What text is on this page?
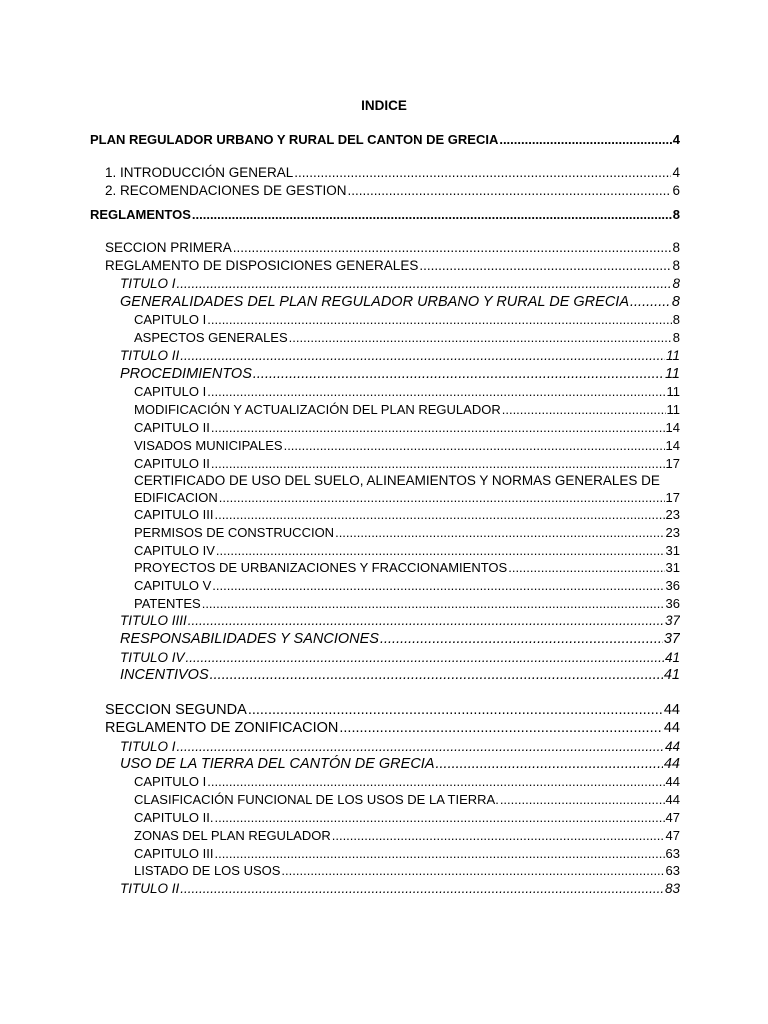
INDICE
PLAN REGULADOR URBANO Y RURAL DEL CANTON DE GRECIA .....	4
1. INTRODUCCIÓN GENERAL .....	4
2. RECOMENDACIONES DE GESTION .....	6
REGLAMENTOS .....	8
SECCION PRIMERA .....	8
REGLAMENTO DE DISPOSICIONES GENERALES .....	8
TITULO I .....	8
GENERALIDADES DEL PLAN REGULADOR URBANO Y RURAL DE GRECIA .....	8
CAPITULO I .....	8
ASPECTOS GENERALES .....	8
TITULO II .....	11
PROCEDIMIENTOS .....	11
CAPITULO I .....	11
MODIFICACIÓN Y ACTUALIZACIÓN DEL PLAN REGULADOR .....	11
CAPITULO II .....	14
VISADOS MUNICIPALES .....	14
CAPITULO II .....	17
CERTIFICADO DE USO DEL SUELO, ALINEAMIENTOS Y NORMAS GENERALES DE
EDIFICACION .....	17
CAPITULO III .....	23
PERMISOS DE CONSTRUCCION .....	23
CAPITULO IV .....	31
PROYECTOS DE URBANIZACIONES Y FRACCIONAMIENTOS .....	31
CAPITULO V .....	36
PATENTES .....	36
TITULO IIII .....	37
RESPONSABILIDADES Y SANCIONES .....	37
TITULO IV .....	41
INCENTIVOS .....	41
SECCION SEGUNDA .....	44
REGLAMENTO DE ZONIFICACION .....	44
TITULO I .....	44
USO DE LA TIERRA DEL CANTÓN DE GRECIA .....	44
CAPITULO I .....	44
CLASIFICACIÓN FUNCIONAL DE LOS USOS DE LA TIERRA. .....	44
CAPITULO II. .....	47
ZONAS DEL PLAN REGULADOR .....	47
CAPITULO III .....	63
LISTADO DE LOS USOS .....	63
TITULO II .....	83
